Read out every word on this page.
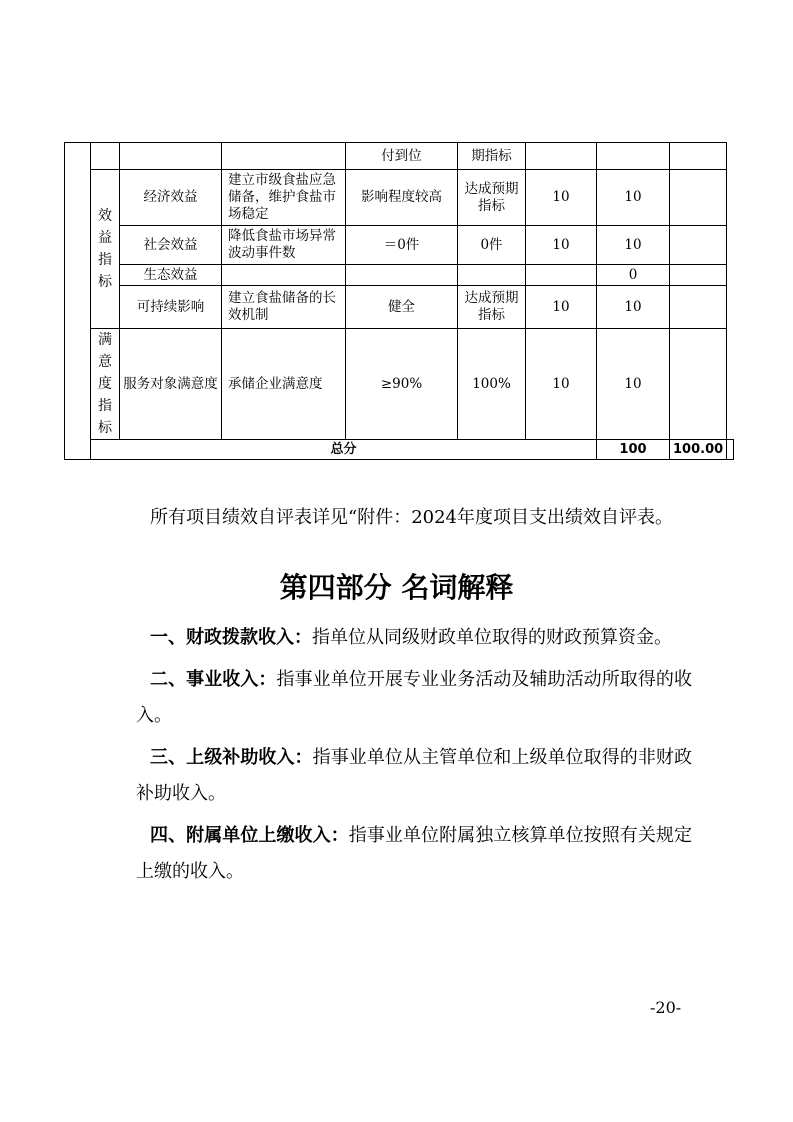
				付到位	期指标				

	效益指标	经济效益	建立市级食盐应急储备，维护食盐市场稳定	影响程度较高	达成预期指标	10	10		
		社会效益	降低食盐市场异常波动事件数	＝0件	0件	10	10		
		生态效益					0		
		可持续影响	建立食盐储备的长效机制	健全	达成预期指标	10	10		

	满意度指标	服务对象满意度	承储企业满意度	≥90%	100%	10	10		
	总分						100	100.00	
所有项目绩效自评表详见“附件：2024年度项目支出绩效自评表。
第四部分 名词解释
一、财政拨款收入：指单位从同级财政单位取得的财政预算资金。
二、事业收入：指事业单位开展专业业务活动及辅助活动所取得的收入。
三、上级补助收入：指事业单位从主管单位和上级单位取得的非财政补助收入。
四、附属单位上缴收入：指事业单位附属独立核算单位按照有关规定上缴的收入。
-20-
